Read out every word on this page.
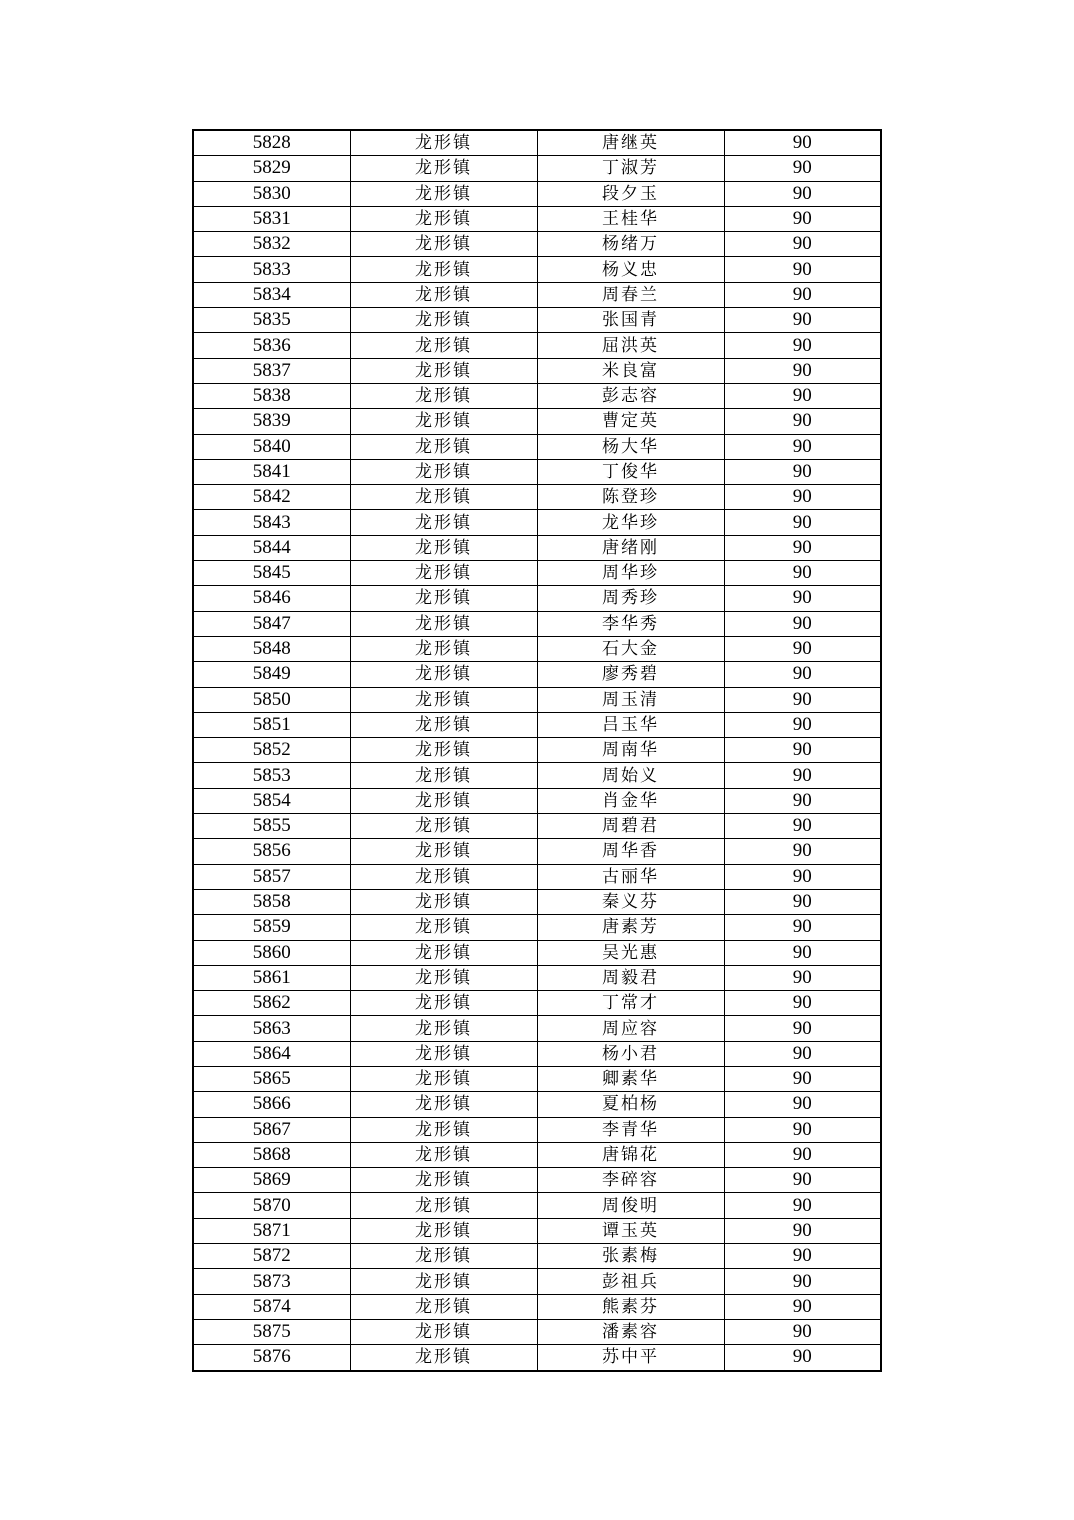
5828	龙形镇	唐继英	90
5829	龙形镇	丁淑芳	90
5830	龙形镇	段夕玉	90
5831	龙形镇	王桂华	90
5832	龙形镇	杨绪万	90
5833	龙形镇	杨义忠	90
5834	龙形镇	周春兰	90
5835	龙形镇	张国青	90
5836	龙形镇	屈洪英	90
5837	龙形镇	米良富	90
5838	龙形镇	彭志容	90
5839	龙形镇	曹定英	90
5840	龙形镇	杨大华	90
5841	龙形镇	丁俊华	90
5842	龙形镇	陈登珍	90
5843	龙形镇	龙华珍	90
5844	龙形镇	唐绪刚	90
5845	龙形镇	周华珍	90
5846	龙形镇	周秀珍	90
5847	龙形镇	李华秀	90
5848	龙形镇	石大金	90
5849	龙形镇	廖秀碧	90
5850	龙形镇	周玉清	90
5851	龙形镇	吕玉华	90
5852	龙形镇	周南华	90
5853	龙形镇	周始义	90
5854	龙形镇	肖金华	90
5855	龙形镇	周碧君	90
5856	龙形镇	周华香	90
5857	龙形镇	古丽华	90
5858	龙形镇	秦义芬	90
5859	龙形镇	唐素芳	90
5860	龙形镇	吴光惠	90
5861	龙形镇	周毅君	90
5862	龙形镇	丁常才	90
5863	龙形镇	周应容	90
5864	龙形镇	杨小君	90
5865	龙形镇	卿素华	90
5866	龙形镇	夏柏杨	90
5867	龙形镇	李青华	90
5868	龙形镇	唐锦花	90
5869	龙形镇	李碎容	90
5870	龙形镇	周俊明	90
5871	龙形镇	谭玉英	90
5872	龙形镇	张素梅	90
5873	龙形镇	彭祖兵	90
5874	龙形镇	熊素芬	90
5875	龙形镇	潘素容	90
5876	龙形镇	苏中平	90
